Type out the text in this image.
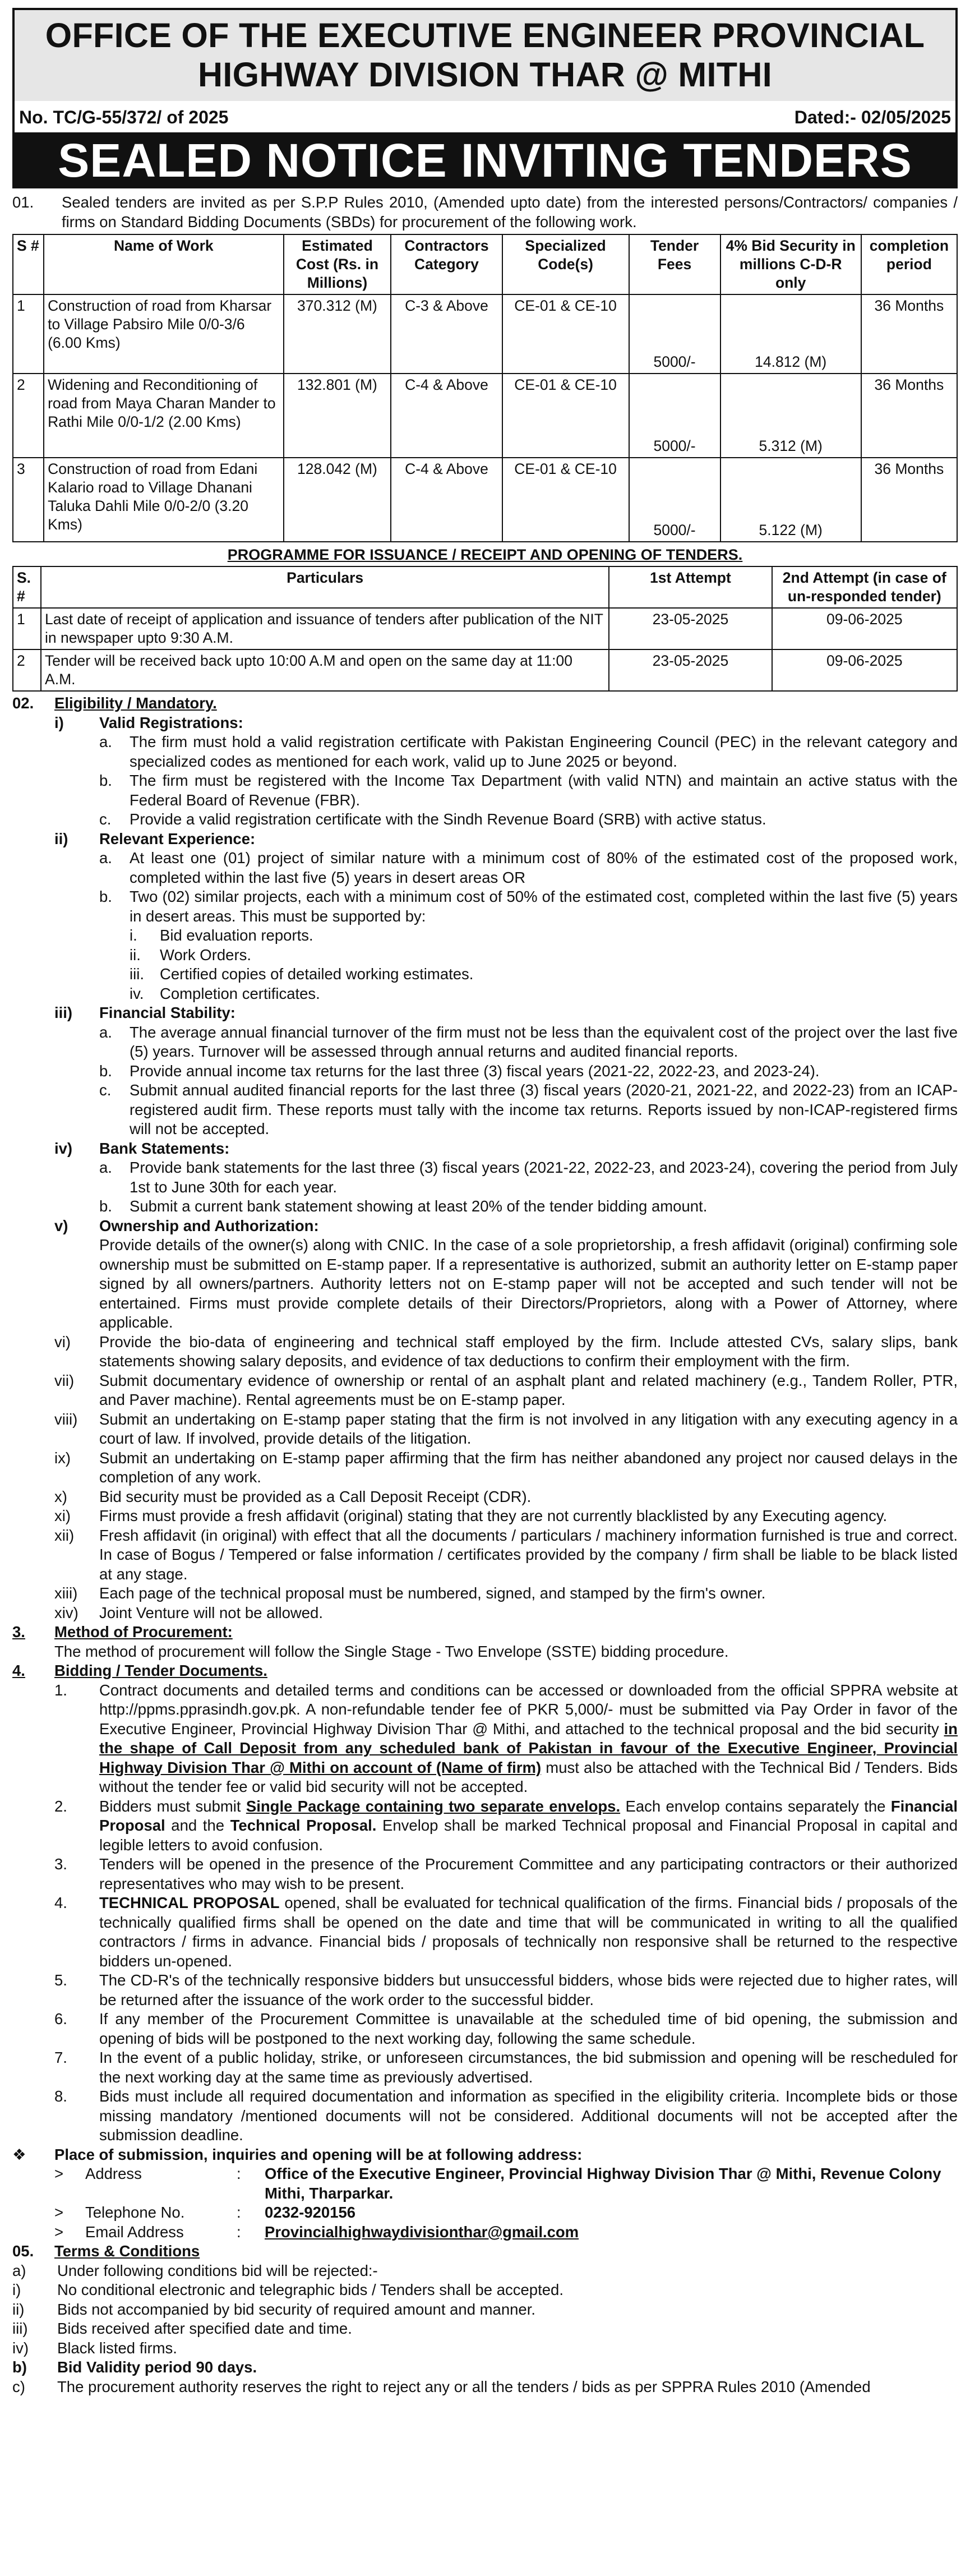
OFFICE OF THE EXECUTIVE ENGINEER PROVINCIAL
HIGHWAY DIVISION THAR @ MITHI
No. TC/G-55/372/ of 2025	Dated:- 02/05/2025
SEALED NOTICE INVITING TENDERS
01.	Sealed tenders are invited as per S.P.P Rules 2010, (Amended upto date) from the interested persons/Contractors/ companies / firms on Standard Bidding Documents (SBDs) for procurement of the following work.
S #	Name of Work	Estimated Cost (Rs. in Millions)	Contractors Category	Specialized Code(s)	Tender Fees	4% Bid Security in millions C-D-R only	completion period
1	Construction of road from Kharsar to Village Pabsiro Mile 0/0-3/6 (6.00 Kms)	370.312 (M)	C-3 & Above	CE-01 & CE-10	5000/-	14.812 (M)	36 Months
2	Widening and Reconditioning of road from Maya Charan Mander to Rathi Mile 0/0-1/2 (2.00 Kms)	132.801 (M)	C-4 & Above	CE-01 & CE-10	5000/-	5.312 (M)	36 Months
3	Construction of road from Edani Kalario road to Village Dhanani Taluka Dahli Mile 0/0-2/0 (3.20 Kms)	128.042 (M)	C-4 & Above	CE-01 & CE-10	5000/-	5.122 (M)	36 Months
PROGRAMME FOR ISSUANCE / RECEIPT AND OPENING OF TENDERS.
S. #	Particulars	1st Attempt	2nd Attempt (in case of un-responded tender)
1	Last date of receipt of application and issuance of tenders after publication of the NIT in newspaper upto 9:30 A.M.	23-05-2025	09-06-2025
2	Tender will be received back upto 10:00 A.M and open on the same day at 11:00 A.M.	23-05-2025	09-06-2025
02.	Eligibility / Mandatory.
i)	Valid Registrations:
a.	The firm must hold a valid registration certificate with Pakistan Engineering Council (PEC) in the relevant category and specialized codes as mentioned for each work, valid up to June 2025 or beyond.
b.	The firm must be registered with the Income Tax Department (with valid NTN) and maintain an active status with the Federal Board of Revenue (FBR).
c.	Provide a valid registration certificate with the Sindh Revenue Board (SRB) with active status.
ii)	Relevant Experience:
a.	At least one (01) project of similar nature with a minimum cost of 80% of the estimated cost of the proposed work, completed within the last five (5) years in desert areas OR
b.	Two (02) similar projects, each with a minimum cost of 50% of the estimated cost, completed within the last five (5) years in desert areas. This must be supported by:
i.	Bid evaluation reports.
ii.	Work Orders.
iii.	Certified copies of detailed working estimates.
iv.	Completion certificates.
iii)	Financial Stability:
a.	The average annual financial turnover of the firm must not be less than the equivalent cost of the project over the last five (5) years. Turnover will be assessed through annual returns and audited financial reports.
b.	Provide annual income tax returns for the last three (3) fiscal years (2021-22, 2022-23, and 2023-24).
c.	Submit annual audited financial reports for the last three (3) fiscal years (2020-21, 2021-22, and 2022-23) from an ICAP-registered audit firm. These reports must tally with the income tax returns. Reports issued by non-ICAP-registered firms will not be accepted.
iv)	Bank Statements:
a.	Provide bank statements for the last three (3) fiscal years (2021-22, 2022-23, and 2023-24), covering the period from July 1st to June 30th for each year.
b.	Submit a current bank statement showing at least 20% of the tender bidding amount.
v)	Ownership and Authorization:
Provide details of the owner(s) along with CNIC. In the case of a sole proprietorship, a fresh affidavit (original) confirming sole ownership must be submitted on E-stamp paper. If a representative is authorized, submit an authority letter on E-stamp paper signed by all owners/partners. Authority letters not on E-stamp paper will not be accepted and such tender will not be entertained. Firms must provide complete details of their Directors/Proprietors, along with a Power of Attorney, where applicable.
vi)	Provide the bio-data of engineering and technical staff employed by the firm. Include attested CVs, salary slips, bank statements showing salary deposits, and evidence of tax deductions to confirm their employment with the firm.
vii)	Submit documentary evidence of ownership or rental of an asphalt plant and related machinery (e.g., Tandem Roller, PTR, and Paver machine). Rental agreements must be on E-stamp paper.
viii)	Submit an undertaking on E-stamp paper stating that the firm is not involved in any litigation with any executing agency in a court of law. If involved, provide details of the litigation.
ix)	Submit an undertaking on E-stamp paper affirming that the firm has neither abandoned any project nor caused delays in the completion of any work.
x)	Bid security must be provided as a Call Deposit Receipt (CDR).
xi)	Firms must provide a fresh affidavit (original) stating that they are not currently blacklisted by any Executing agency.
xii)	Fresh affidavit (in original) with effect that all the documents / particulars / machinery information furnished is true and correct. In case of Bogus / Tempered or false information / certificates provided by the company / firm shall be liable to be black listed at any stage.
xiii)	Each page of the technical proposal must be numbered, signed, and stamped by the firm's owner.
xiv)	Joint Venture will not be allowed.
3.	Method of Procurement:
The method of procurement will follow the Single Stage - Two Envelope (SSTE) bidding procedure.
4.	Bidding / Tender Documents.
1.	Contract documents and detailed terms and conditions can be accessed or downloaded from the official SPPRA website at http://ppms.pprasindh.gov.pk. A non-refundable tender fee of PKR 5,000/- must be submitted via Pay Order in favor of the Executive Engineer, Provincial Highway Division Thar @ Mithi, and attached to the technical proposal and the bid security in the shape of Call Deposit from any scheduled bank of Pakistan in favour of the Executive Engineer, Provincial Highway Division Thar @ Mithi on account of (Name of firm) must also be attached with the Technical Bid / Tenders. Bids without the tender fee or valid bid security will not be accepted.
2.	Bidders must submit Single Package containing two separate envelops. Each envelop contains separately the Financial Proposal and the Technical Proposal. Envelop shall be marked Technical proposal and Financial Proposal in capital and legible letters to avoid confusion.
3.	Tenders will be opened in the presence of the Procurement Committee and any participating contractors or their authorized representatives who may wish to be present.
4.	TECHNICAL PROPOSAL opened, shall be evaluated for technical qualification of the firms. Financial bids / proposals of the technically qualified firms shall be opened on the date and time that will be communicated in writing to all the qualified contractors / firms in advance. Financial bids / proposals of technically non responsive shall be returned to the respective bidders un-opened.
5.	The CD-R's of the technically responsive bidders but unsuccessful bidders, whose bids were rejected due to higher rates, will be returned after the issuance of the work order to the successful bidder.
6.	If any member of the Procurement Committee is unavailable at the scheduled time of bid opening, the submission and opening of bids will be postponed to the next working day, following the same schedule.
7.	In the event of a public holiday, strike, or unforeseen circumstances, the bid submission and opening will be rescheduled for the next working day at the same time as previously advertised.
8.	Bids must include all required documentation and information as specified in the eligibility criteria. Incomplete bids or those missing mandatory /mentioned documents will not be considered. Additional documents will not be accepted after the submission deadline.
❖	Place of submission, inquiries and opening will be at following address:
>	Address	:	Office of the Executive Engineer, Provincial Highway Division Thar @ Mithi, Revenue Colony Mithi, Tharparkar.
>	Telephone No.	:	0232-920156
>	Email Address	:	Provincialhighwaydivisionthar@gmail.com
05.	Terms & Conditions
a)	Under following conditions bid will be rejected:-
i)	No conditional electronic and telegraphic bids / Tenders shall be accepted.
ii)	Bids not accompanied by bid security of required amount and manner.
iii)	Bids received after specified date and time.
iv)	Black listed firms.
b)	Bid Validity period 90 days.
c)	The procurement authority reserves the right to reject any or all the tenders / bids as per SPPRA Rules 2010 (Amended
